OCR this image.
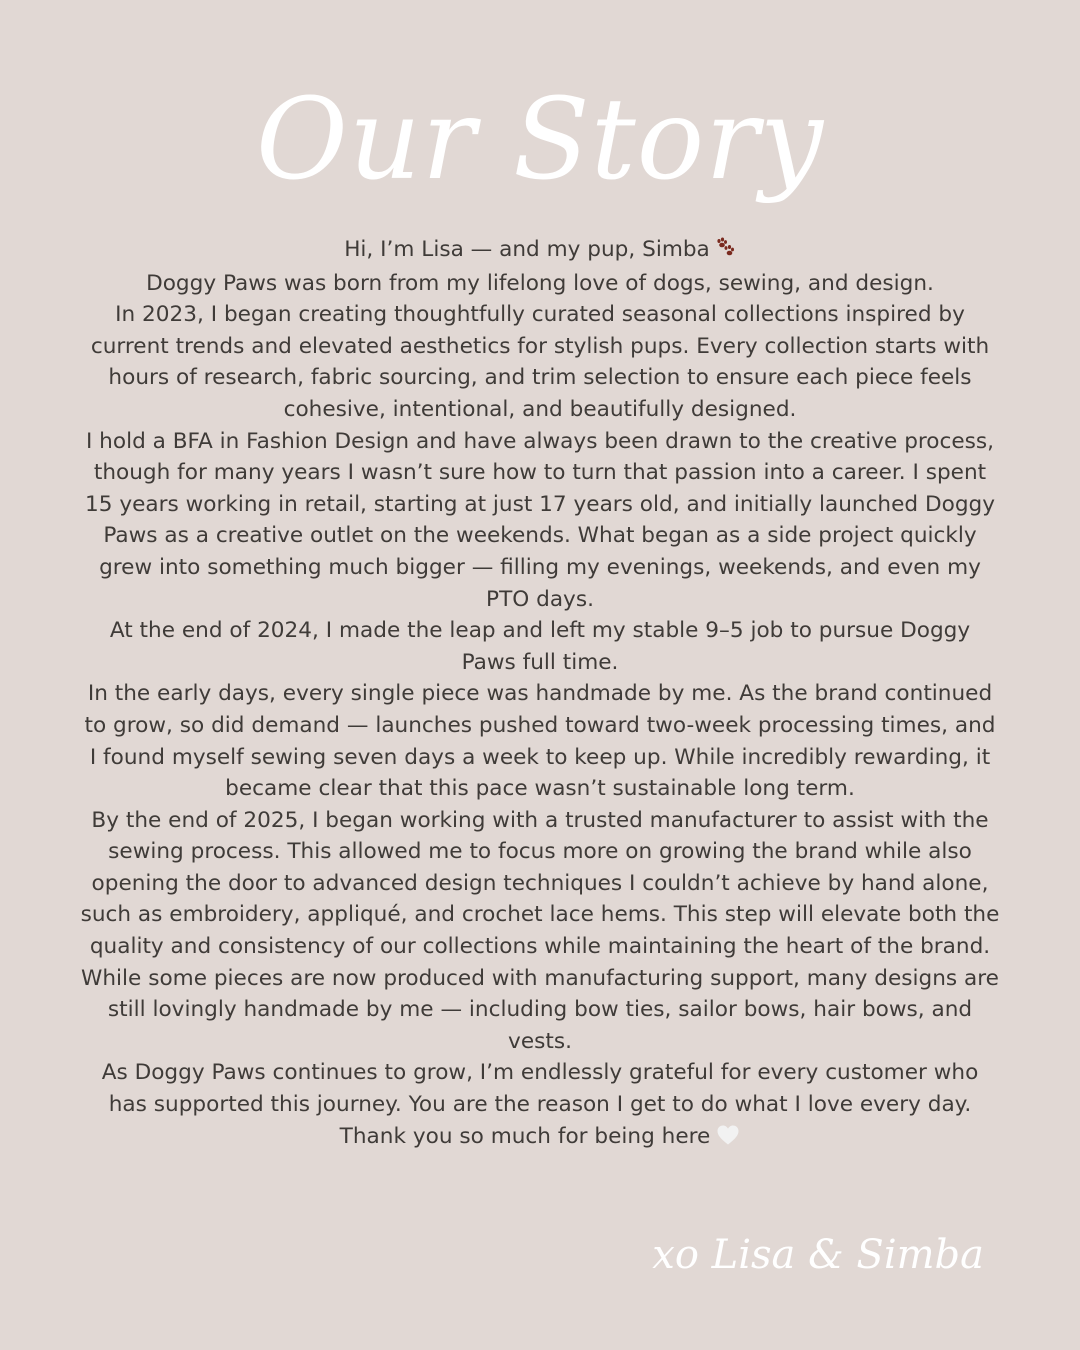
Our Story

Hi, I’m Lisa — and my pup, Simba

Doggy Paws was born from my lifelong love of dogs, sewing, and design.

In 2023, I began creating thoughtfully curated seasonal collections inspired by current trends and elevated aesthetics for stylish pups. Every collection starts with hours of research, fabric sourcing, and trim selection to ensure each piece feels cohesive, intentional, and beautifully designed.

I hold a BFA in Fashion Design and have always been drawn to the creative process, though for many years I wasn’t sure how to turn that passion into a career. I spent 15 years working in retail, starting at just 17 years old, and initially launched Doggy Paws as a creative outlet on the weekends. What began as a side project quickly grew into something much bigger — filling my evenings, weekends, and even my PTO days.

At the end of 2024, I made the leap and left my stable 9–5 job to pursue Doggy Paws full time.

In the early days, every single piece was handmade by me. As the brand continued to grow, so did demand — launches pushed toward two-week processing times, and I found myself sewing seven days a week to keep up. While incredibly rewarding, it became clear that this pace wasn’t sustainable long term.

By the end of 2025, I began working with a trusted manufacturer to assist with the sewing process. This allowed me to focus more on growing the brand while also opening the door to advanced design techniques I couldn’t achieve by hand alone, such as embroidery, appliqué, and crochet lace hems. This step will elevate both the quality and consistency of our collections while maintaining the heart of the brand.

While some pieces are now produced with manufacturing support, many designs are still lovingly handmade by me — including bow ties, sailor bows, hair bows, and vests.

As Doggy Paws continues to grow, I’m endlessly grateful for every customer who has supported this journey. You are the reason I get to do what I love every day.

Thank you so much for being here

xo Lisa & Simba
